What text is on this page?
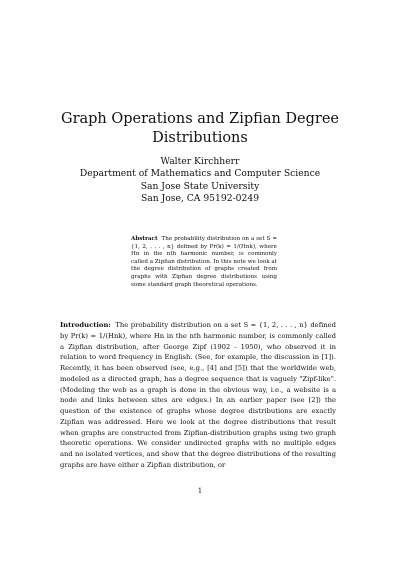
Graph Operations and Zipfian Degree
Distributions
Walter Kirchherr
Department of Mathematics and Computer Science
San Jose State University
San Jose, CA 95192-0249
Abstract The probability distribution on a set S = {1, 2, . . . , n} defined by Pr(k) = 1/(Hnk), where Hn in the nth harmonic number, is commonly called a Zipfian distribution. In this note we look at the degree distribution of graphs created from graphs with Zipfian degree distributions using some standard graph theoretical operations.
Introduction: The probability distribution on a set S = {1, 2, . . . , n} defined by Pr(k) = 1/(Hnk), where Hn in the nth harmonic number, is commonly called a Zipfian distribution, after George Zipf (1902 - 1950), who observed it in relation to word frequency in English. (See, for example, the discussion in [1]). Recently, it has been observed (see, e.g., [4] and [5]) that the worldwide web, modeled as a directed graph, has a degree sequence that is vaguely "Zipf-like". (Modeling the web as a graph is done in the obvious way, i.e., a website is a node and links between sites are edges.) In an earlier paper (see [2]) the question of the existence of graphs whose degree distributions are exactly Zipfian was addressed. Here we look at the degree distributions that result when graphs are constructed from Zipfian-distribution graphs using two graph theoretic operations. We consider undirected graphs with no multiple edges and no isolated vertices, and show that the degree distributions of the resulting graphs are have either a Zipfian distribution, or
1
